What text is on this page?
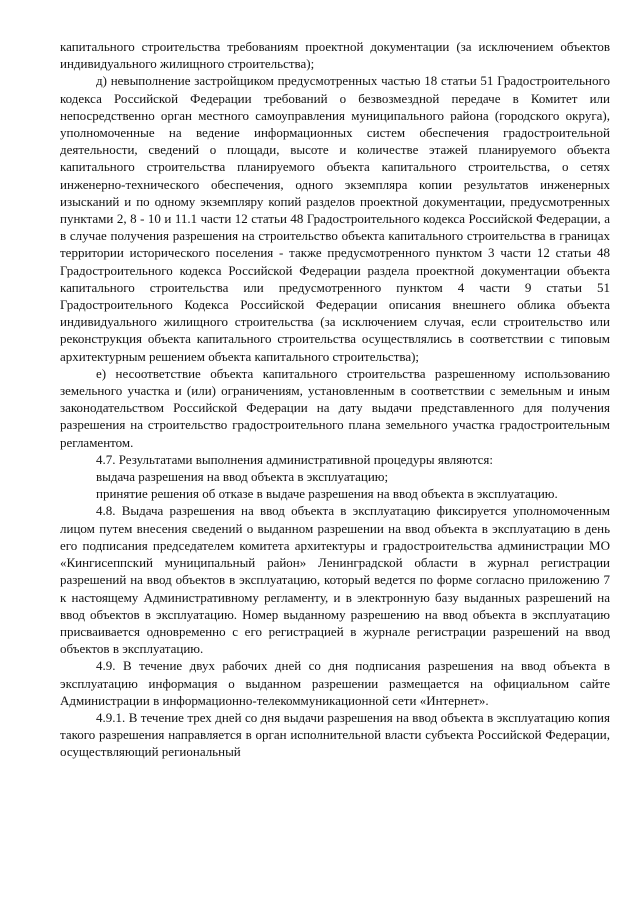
капитального строительства требованиям проектной документации (за исключением объектов индивидуального жилищного строительства);

д) невыполнение застройщиком предусмотренных частью 18 статьи 51 Градостроительного кодекса Российской Федерации требований о безвозмездной передаче в Комитет или непосредственно орган местного самоуправления муниципального района (городского округа), уполномоченные на ведение информационных систем обеспечения градостроительной деятельности, сведений о площади, высоте и количестве этажей планируемого объекта капитального строительства планируемого объекта капитального строительства, о сетях инженерно-технического обеспечения, одного экземпляра копии результатов инженерных изысканий и по одному экземпляру копий разделов проектной документации, предусмотренных пунктами 2, 8 - 10 и 11.1 части 12 статьи 48 Градостроительного кодекса Российской Федерации, а в случае получения разрешения на строительство объекта капитального строительства в границах территории исторического поселения - также предусмотренного пунктом 3 части 12 статьи 48 Градостроительного кодекса Российской Федерации раздела проектной документации объекта капитального строительства или предусмотренного пунктом 4 части 9 статьи 51 Градостроительного Кодекса Российской Федерации описания внешнего облика объекта индивидуального жилищного строительства (за исключением случая, если строительство или реконструкция объекта капитального строительства осуществлялись в соответствии с типовым архитектурным решением объекта капитального строительства);

е) несоответствие объекта капитального строительства разрешенному использованию земельного участка и (или) ограничениям, установленным в соответствии с земельным и иным законодательством Российской Федерации на дату выдачи представленного для получения разрешения на строительство градостроительного плана земельного участка градостроительным регламентом.

4.7. Результатами выполнения административной процедуры являются:

выдача разрешения на ввод объекта в эксплуатацию;

принятие решения об отказе в выдаче разрешения на ввод объекта в эксплуатацию.

4.8. Выдача разрешения на ввод объекта в эксплуатацию фиксируется уполномоченным лицом путем внесения сведений о выданном разрешении на ввод объекта в эксплуатацию в день его подписания председателем комитета архитектуры и градостроительства администрации МО «Кингисеппский муниципальный район» Ленинградской области в журнал регистрации разрешений на ввод объектов в эксплуатацию, который ведется по форме согласно приложению 7 к настоящему Административному регламенту, и в электронную базу выданных разрешений на ввод объектов в эксплуатацию. Номер выданному разрешению на ввод объекта в эксплуатацию присваивается одновременно с его регистрацией в журнале регистрации разрешений на ввод объектов в эксплуатацию.

4.9. В течение двух рабочих дней со дня подписания разрешения на ввод объекта в эксплуатацию информация о выданном разрешении размещается на официальном сайте Администрации в информационно-телекоммуникационной сети «Интернет».

4.9.1. В течение трех дней со дня выдачи разрешения на ввод объекта в эксплуатацию копия такого разрешения направляется в орган исполнительной власти субъекта Российской Федерации, осуществляющий региональный
